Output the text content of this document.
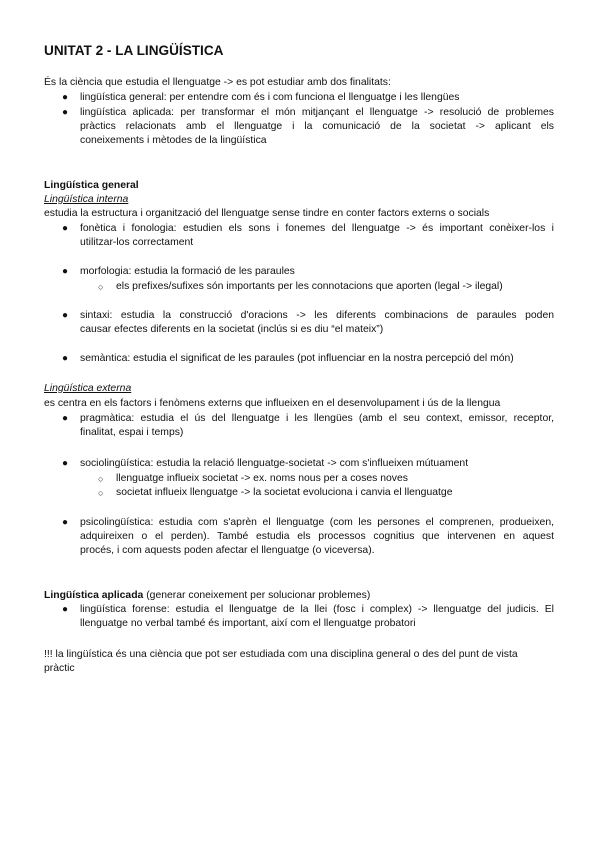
UNITAT 2 - LA LINGÜÍSTICA
És la ciència que estudia el llenguatge -> es pot estudiar amb dos finalitats:
● lingüística general: per entendre com és i com funciona el llenguatge i les llengües
● lingüística aplicada: per transformar el món mitjançant el llenguatge -> resolució de problemes
pràctics relacionats amb el llenguatge i la comunicació de la societat -> aplicant els
coneixements i mètodes de la lingüística
Lingüística general
Lingüística interna
estudia la estructura i organització del llenguatge sense tindre en conter factors externs o socials
● fonètica i fonologia: estudien els sons i fonemes del llenguatge -> és important conèixer-los i
utilitzar-los correctament
● morfologia: estudia la formació de les paraules
○ els prefixes/sufixes són importants per les connotacions que aporten (legal -> ilegal)
● sintaxi: estudia la construcció d'oracions -> les diferents combinacions de paraules poden
causar efectes diferents en la societat (inclús si es diu “el mateix”)
● semàntica: estudia el significat de les paraules (pot influenciar en la nostra percepció del món)
Lingüística externa
es centra en els factors i fenòmens externs que influeixen en el desenvolupament i ús de la llengua
● pragmàtica: estudia el ús del llenguatge i les llengües (amb el seu context, emissor, receptor,
finalitat, espai i temps)
● sociolingüística: estudia la relació llenguatge-societat -> com s'influeixen mútuament
○ llenguatge influeix societat -> ex. noms nous per a coses noves
○ societat influeix llenguatge -> la societat evoluciona i canvia el llenguatge
● psicolingüística: estudia com s'aprèn el llenguatge (com les persones el comprenen, produeixen,
adquireixen o el perden). També estudia els processos cognitius que intervenen en aquest
procés, i com aquests poden afectar el llenguatge (o viceversa).
Lingüística aplicada (generar coneixement per solucionar problemes)
● lingüística forense: estudia el llenguatge de la llei (fosc i complex) -> llenguatge del judicis. El
llenguatge no verbal també és important, així com el llenguatge probatori
!!! la lingüística és una ciència que pot ser estudiada com una disciplina general o des del punt de vista
pràctic
